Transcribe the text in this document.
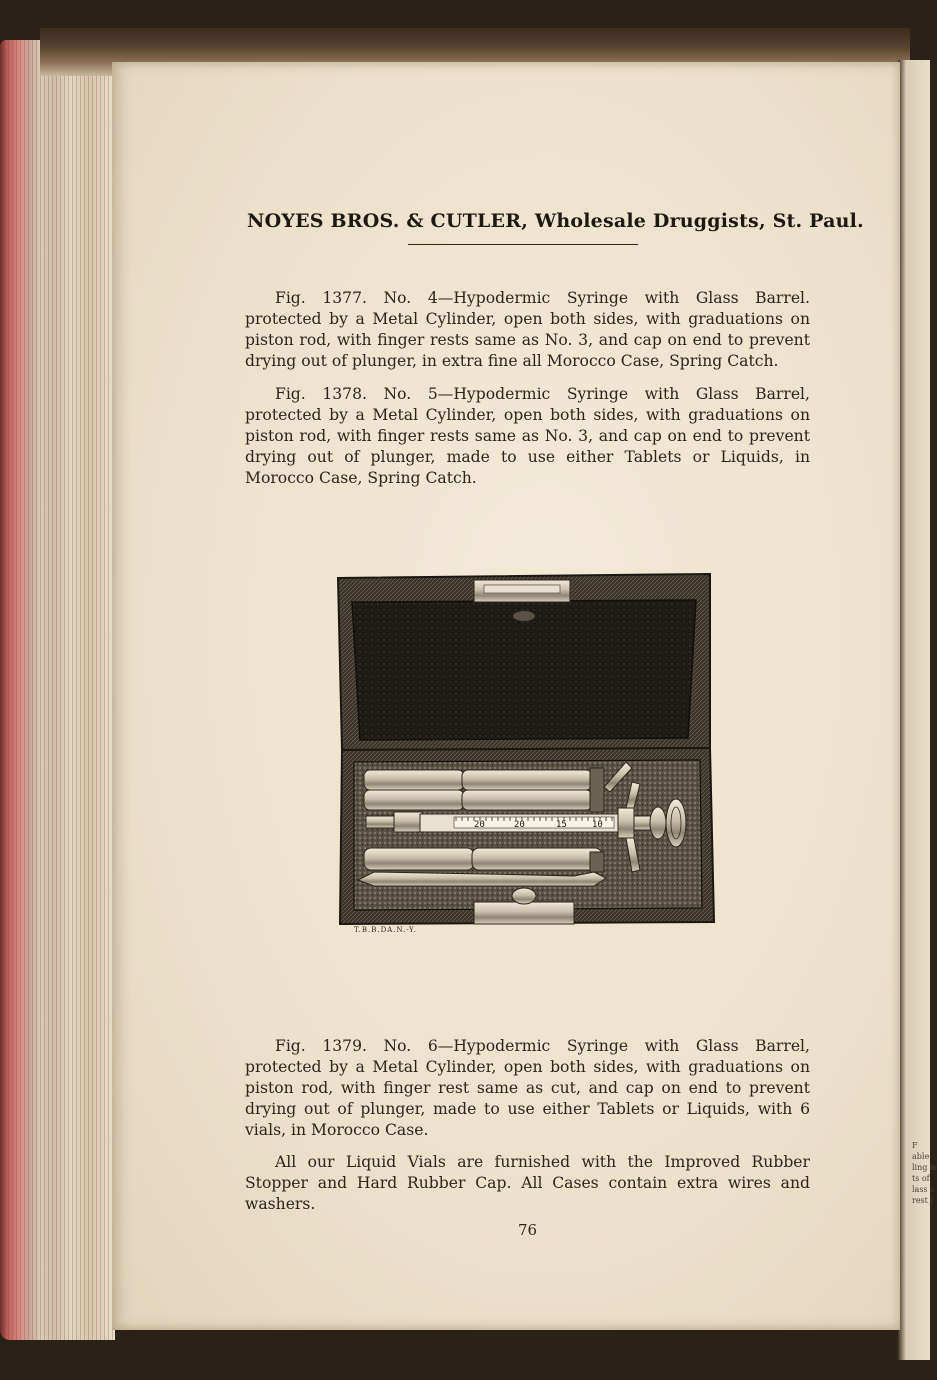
F
able-
ling w
ts of
lass s
rest j
NOYES BROS. & CUTLER, Wholesale Druggists, St. Paul.

Fig. 1377. No. 4—Hypodermic Syringe with Glass Barrel. protected by a Metal Cylinder, open both sides, with graduations on piston rod, with finger rests same as No. 3, and cap on end to prevent drying out of plunger, in extra fine all Morocco Case, Spring Catch.

Fig. 1378. No. 5—Hypodermic Syringe with Glass Barrel, protected by a Metal Cylinder, open both sides, with graduations on piston rod, with finger rests same as No. 3, and cap on end to prevent drying out of plunger, made to use either Tablets or Liquids, in Morocco Case, Spring Catch.

20	20	15	10
T.B.B.DA.N.-Y.

Fig. 1379. No. 6—Hypodermic Syringe with Glass Barrel, protected by a Metal Cylinder, open both sides, with graduations on piston rod, with finger rest same as cut, and cap on end to prevent drying out of plunger, made to use either Tablets or Liquids, with 6 vials, in Morocco Case.

All our Liquid Vials are furnished with the Improved Rubber Stopper and Hard Rubber Cap. All Cases contain extra wires and washers.

76
